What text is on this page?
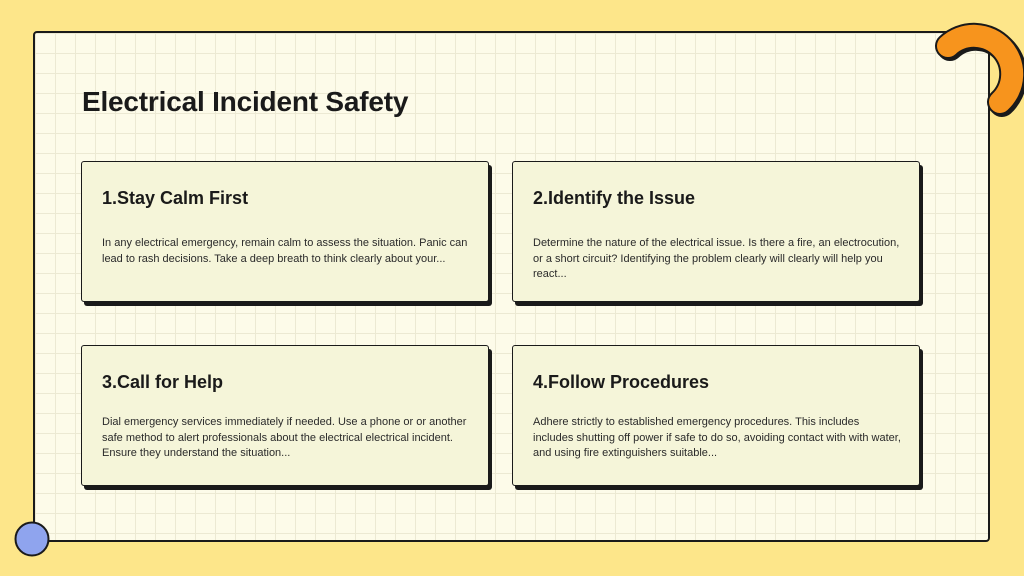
Electrical Incident Safety
1.Stay Calm First

In any electrical emergency, remain calm to assess the situation. Panic can lead to rash decisions. Take a deep breath to think clearly about your...

2.Identify the Issue

Determine the nature of the electrical issue. Is there a fire, an electrocution, or a short circuit? Identifying the problem clearly will clearly will help you react...

3.Call for Help

Dial emergency services immediately if needed. Use a phone or or another safe method to alert professionals about the electrical electrical incident. Ensure they understand the situation...

4.Follow Procedures

Adhere strictly to established emergency procedures. This includes includes shutting off power if safe to do so, avoiding contact with with water, and using fire extinguishers suitable...
